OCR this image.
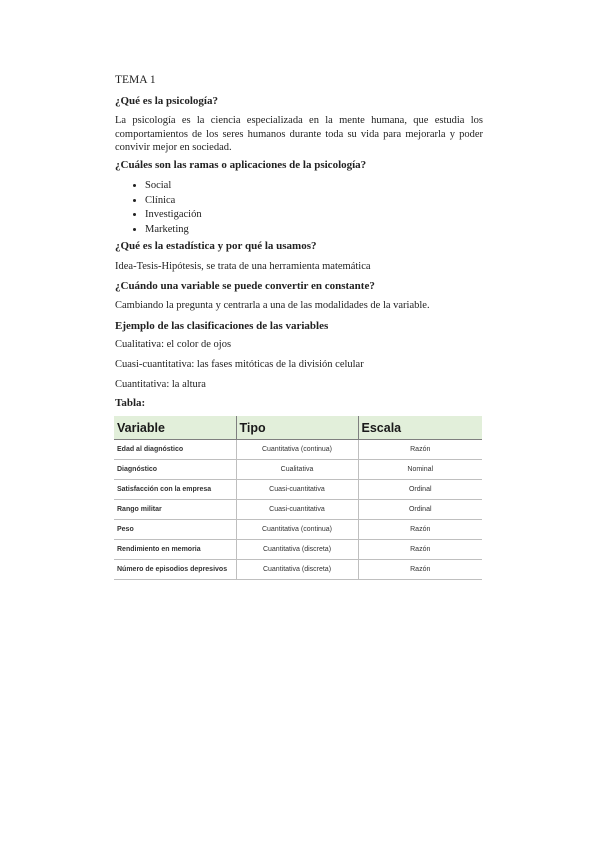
TEMA 1

¿Qué es la psicología?

La psicología es la ciencia especializada en la mente humana, que estudia los comportamientos de los seres humanos durante toda su vida para mejorarla y poder convivir mejor en sociedad.

¿Cuáles son las ramas o aplicaciones de la psicología?

• Social
• Clínica
• Investigación
• Marketing

¿Qué es la estadística y por qué la usamos?

Idea-Tesis-Hipótesis, se trata de una herramienta matemática

¿Cuándo una variable se puede convertir en constante?

Cambiando la pregunta y centrarla a una de las modalidades de la variable.

Ejemplo de las clasificaciones de las variables

Cualitativa: el color de ojos

Cuasi-cuantitativa: las fases mitóticas de la división celular

Cuantitativa: la altura

Tabla:

Variable	Tipo	Escala
Edad al diagnóstico	Cuantitativa (continua)	Razón
Diagnóstico	Cualitativa	Nominal
Satisfacción con la empresa	Cuasi-cuantitativa	Ordinal
Rango militar	Cuasi-cuantitativa	Ordinal
Peso	Cuantitativa (continua)	Razón
Rendimiento en memoria	Cuantitativa (discreta)	Razón
Número de episodios depresivos	Cuantitativa (discreta)	Razón
